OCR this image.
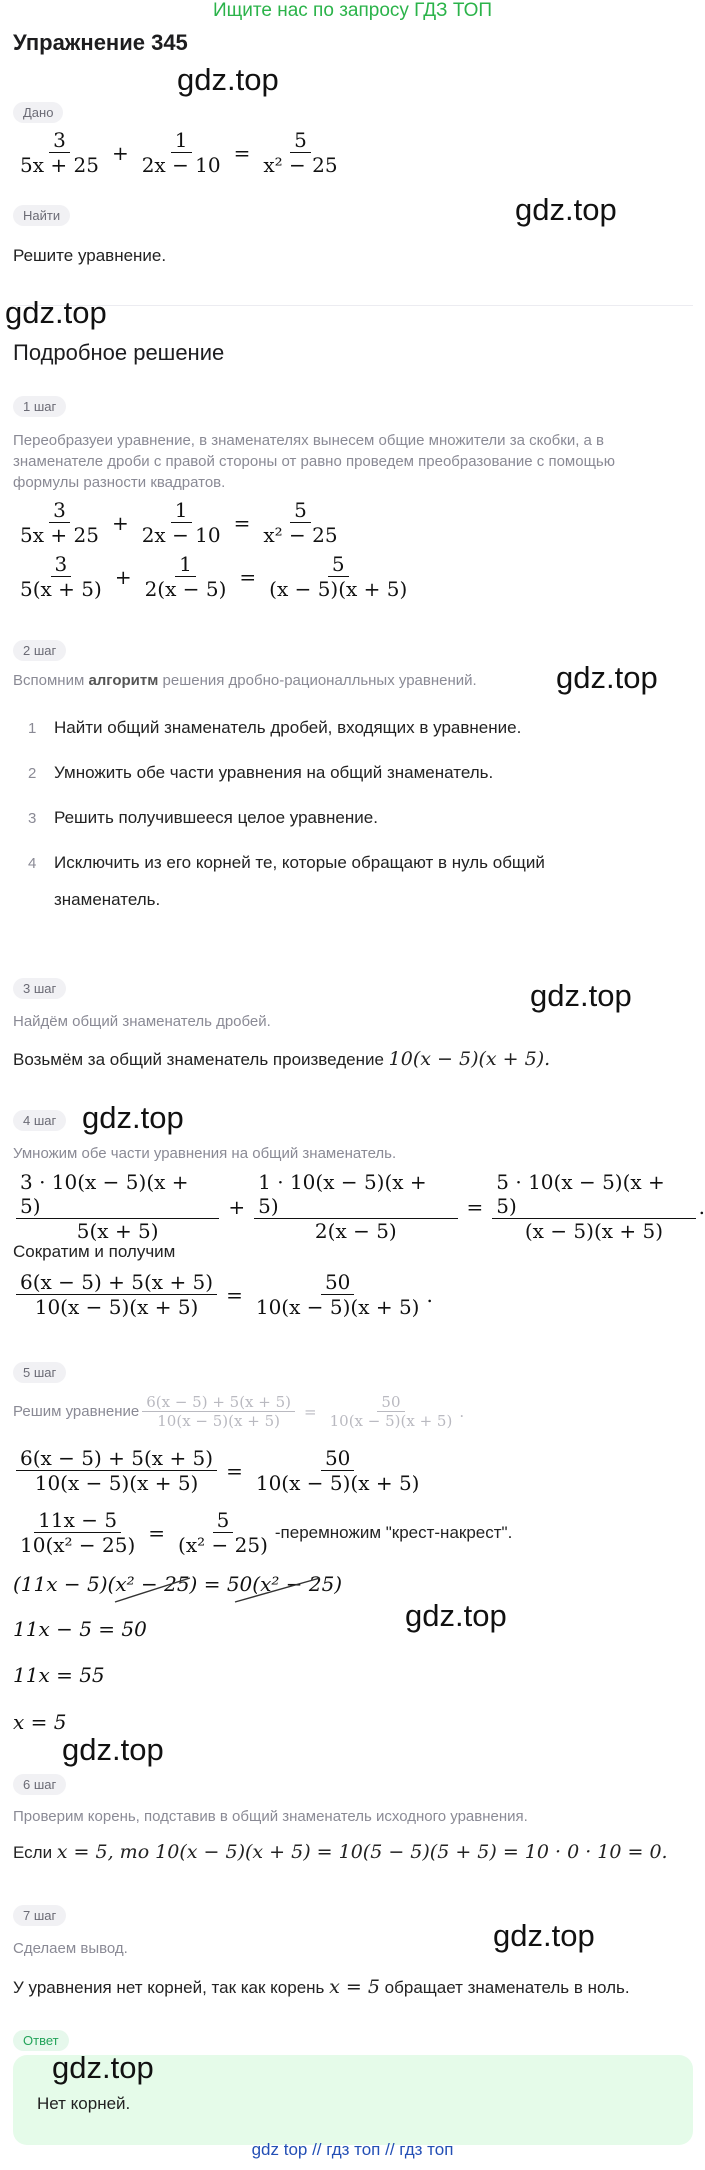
Ищите нас по запросу ГДЗ ТОП
Упражнение 345
gdz.top
Дано
$\frac{3}{5x + 25} + \frac{1}{2x - 10} = \frac{5}{\text{x² − 25}}$
Найти	gdz.top
Решите уравнение.
gdz.top
Подробное решение
1 шаг
Переобразуеи уравнение, в знаменателях вынесем общие множители за скобки, а в знаменателе дроби с правой стороны от равно проведем преобразование с помощью формулы разности квадратов.
$\frac{3}{5x + 25} + \frac{1}{2x - 10} = \frac{5}{\text{x² − 25}}$
$\frac{3}{5(x + 5)} + \frac{1}{2(x - 5)} = \frac{5}{(x - 5)(x + 5)}$
2 шаг
Вспомним алгоритм решения дробно-рационалльных уравнений.	gdz.top
1 Найти общий знаменатель дробей, входящих в уравнение.
2 Умножить обе части уравнения на общий знаменатель.
3 Решить получившееся целое уравнение.
4 Исключить из его корней те, которые обращают в нуль общий
знаменатель.
3 шаг	gdz.top
Найдём общий знаменатель дробей.
Возьмём за общий знаменатель произведение 10(x − 5)(x + 5).
4 шаг gdz.top
Умножим обе части уравнения на общий знаменатель.
$\frac{3 \cdot 10(x - 5)(x + 5)}{5(x + 5)} + \frac{1 \cdot 10(x - 5)(x + 5)}{2(x - 5)} = \frac{5 \cdot 10(x - 5)(x + 5)}{(x - 5)(x + 5)}$ .
Сократим и получим
$\frac{6(x - 5) + 5(x + 5)}{10(x - 5)(x + 5)} = \frac{50}{10(x - 5)(x + 5)}$ .
5 шаг
Решим уравнение $\frac{6(x - 5) + 5(x + 5)}{10(x - 5)(x + 5)} = \frac{50}{10(x - 5)(x + 5)}$ .
$\frac{6(x - 5) + 5(x + 5)}{10(x - 5)(x + 5)} = \frac{50}{10(x - 5)(x + 5)}$
$\frac{11x - 5}{\text{10(x² − 25)}} = \frac{5}{\text{(x² − 25)}}$ -перемножим "крест-накрест".
(11x − 5)(x² − 25) = 50(x² − 25)
gdz.top
11x − 5 = 50
11x = 55
x = 5
gdz.top
6 шаг
Проверим корень, подставив в общий знаменатель исходного уравнения.
Если x = 5, то 10(x − 5)(x + 5) = 10(5 − 5)(5 + 5) = 10 · 0 · 10 = 0.
7 шаг
gdz.top
Сделаем вывод.
У уравнения нет корней, так как корень x = 5 обращает знаменатель в ноль.
Ответ
gdz.top
Нет корней.
gdz top // гдз топ // гдз топ
